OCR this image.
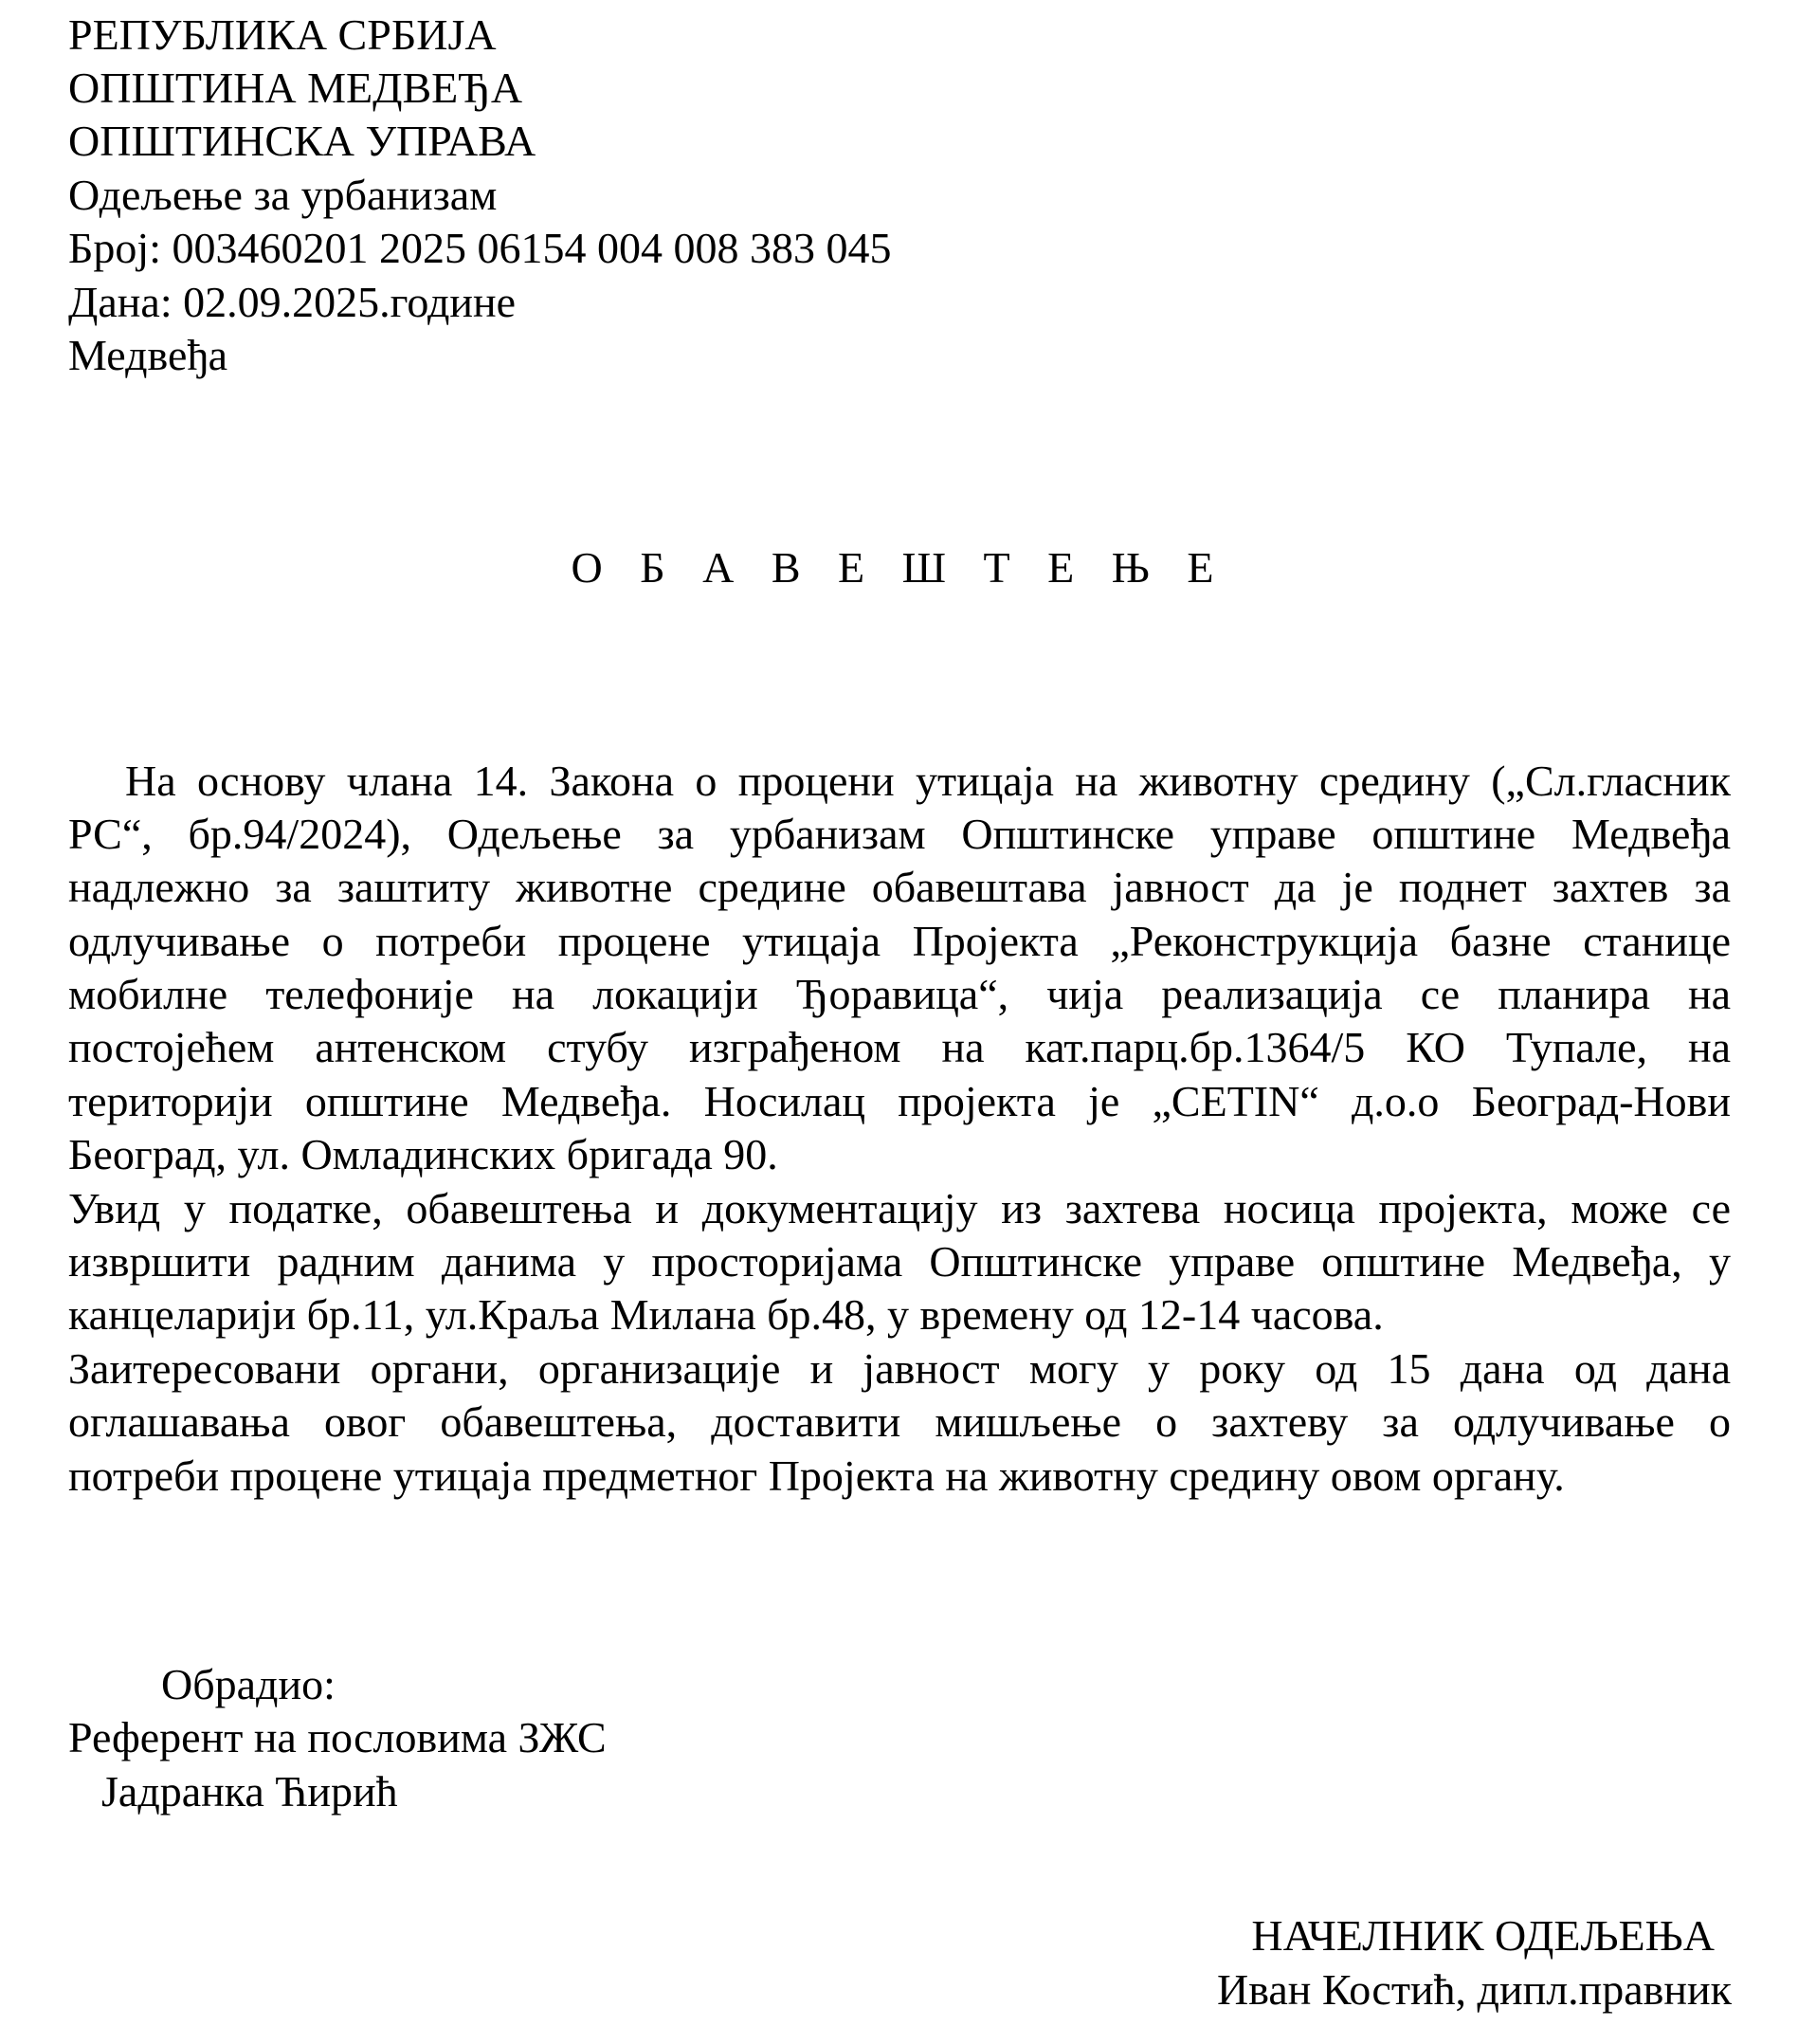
РЕПУБЛИКА СРБИЈА
ОПШТИНА МЕДВЕЂА
ОПШТИНСКА УПРАВА
Одељење за урбанизам
Број: 003460201 2025 06154 004 008 383 045
Дана: 02.09.2025.године
Медвеђа
О Б А В Е Ш Т Е Њ Е
На основу члана 14. Закона о процени утицаја на животну средину („Сл.гласник
РС“, бр.94/2024), Одељење за урбанизам Општинске управе општине Медвеђа
надлежно за заштиту животне средине обавештава јавност да је поднет захтев за
одлучивање о потреби процене утицаја Пројекта „Реконструкција базне станице
мобилне телефоније на локацији Ђоравица“, чија реализација се планира на
постојећем антенском стубу изграђеном на кат.парц.бр.1364/5 КО Тупале, на
територији општине Медвеђа. Носилац пројекта је „CETIN“ д.о.о Београд-Нови
Београд, ул. Омладинских бригада 90.
Увид у податке, обавештења и документацију из захтева носица пројекта, може се
извршити радним данима у просторијама Општинске управе општине Медвеђа, у
канцеларији бр.11, ул.Краља Милана бр.48, у времену од 12-14 часова.
Заитересовани органи, организације и јавност могу у року од 15 дана од дана
оглашавања овог обавештења, доставити мишљење о захтеву за одлучивање о
потреби процене утицаја предметног Пројекта на животну средину овом органу.
Обрадио:
Референт на пословима ЗЖС
Јадранка Ћирић
НАЧЕЛНИК ОДЕЉЕЊА
Иван Костић, дипл.правник
